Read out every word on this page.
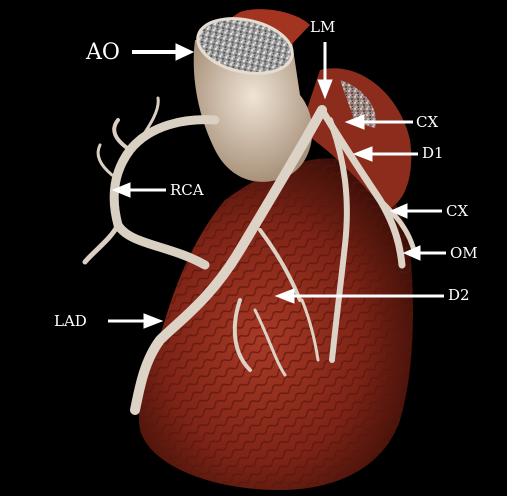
AO
LM
CX
D1
RCA
CX
OM
D2
LAD
